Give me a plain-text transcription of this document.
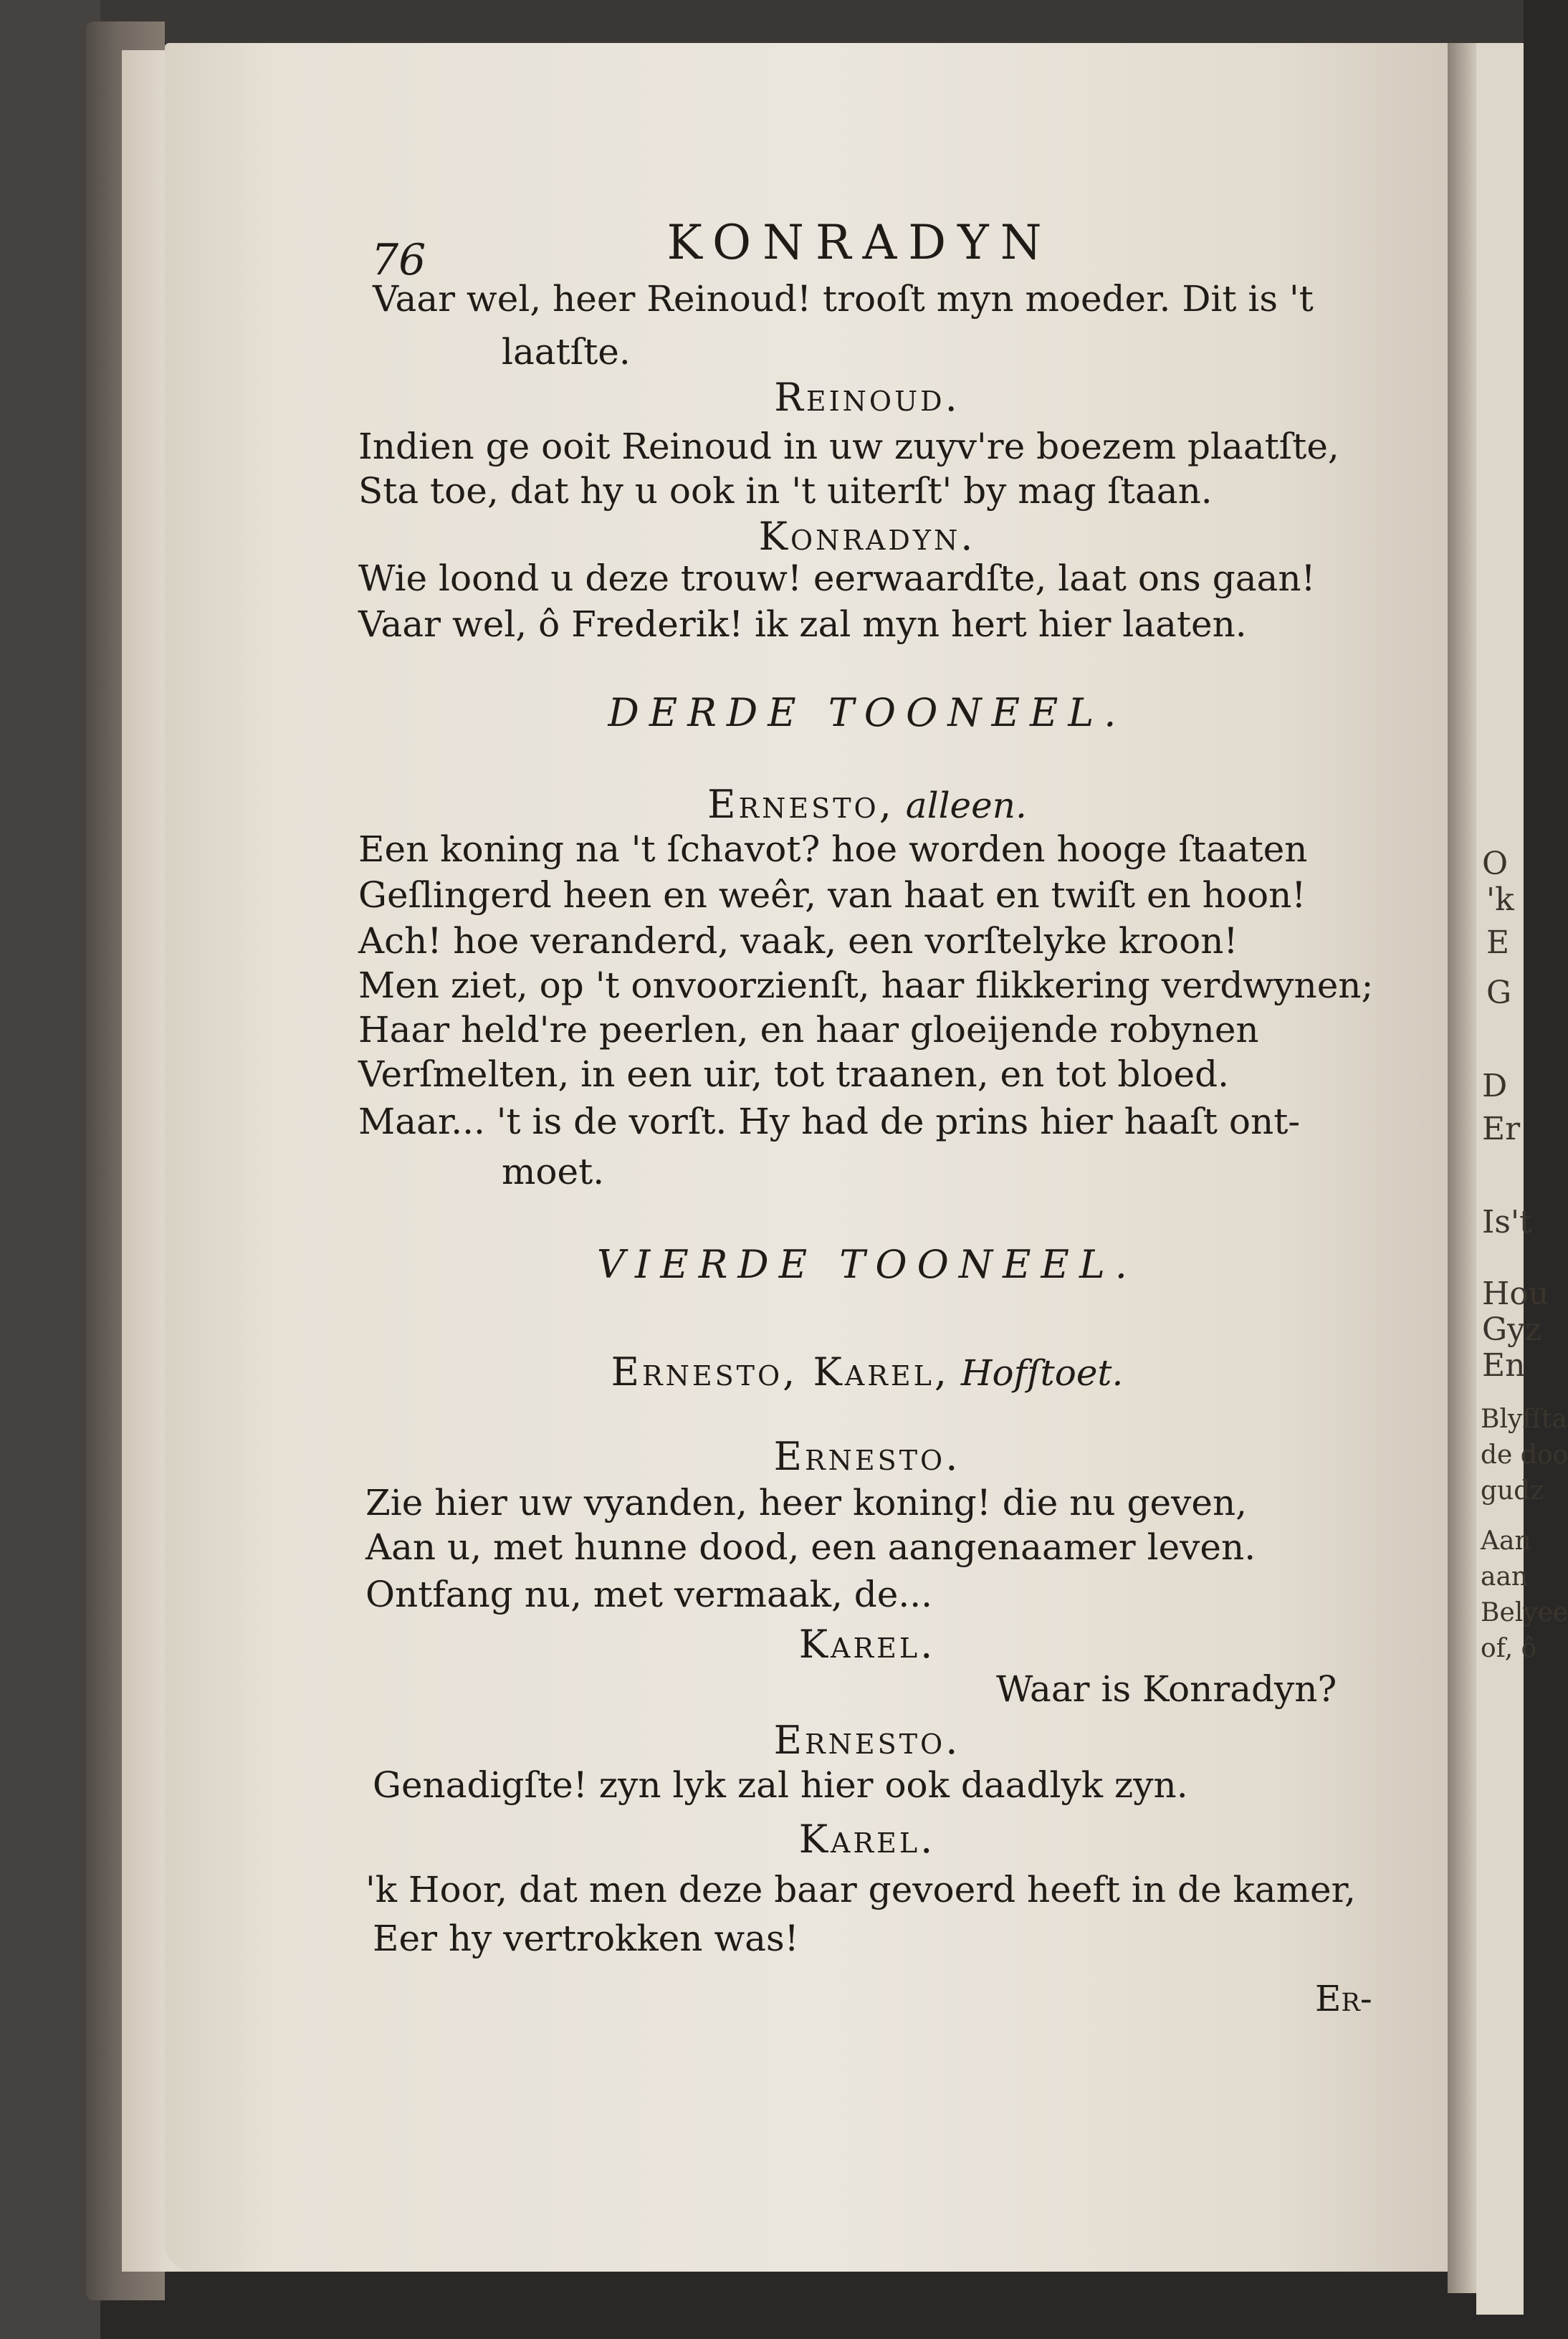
O
'k
E
G
D
Er
Is't
Hou
Gyz
En
Blyfſta
de doo
gudz
Aan
aan
Belyee
of, ô
76	KONRADYN
Vaar wel, heer Reinoud! trooſt myn moeder. Dit is 't
laatſte.
Reinoud.
Indien ge ooit Reinoud in uw zuyv're boezem plaatſte,
Sta toe, dat hy u ook in 't uiterſt' by mag ſtaan.
Konradyn.
Wie loond u deze trouw! eerwaardſte, laat ons gaan!
Vaar wel, ô Frederik! ik zal myn hert hier laaten.
DERDE TOONEEL.
Ernesto, alleen.
Een koning na 't ſchavot? hoe worden hooge ſtaaten
Geſlingerd heen en weêr, van haat en twiſt en hoon!
Ach! hoe veranderd, vaak, een vorſtelyke kroon!
Men ziet, op 't onvoorzienſt, haar flikkering verdwynen;
Haar held're peerlen, en haar gloeijende robynen
Verſmelten, in een uir, tot traanen, en tot bloed.
Maar... 't is de vorſt. Hy had de prins hier haaſt ont-
moet.
VIERDE TOONEEL.
Ernesto, Karel, Hofſtoet.
Ernesto.
Zie hier uw vyanden, heer koning! die nu geven,
Aan u, met hunne dood, een aangenaamer leven.
Ontfang nu, met vermaak, de...
Karel.
Waar is Konradyn?
Ernesto.
Genadigſte! zyn lyk zal hier ook daadlyk zyn.
Karel.
'k Hoor, dat men deze baar gevoerd heeft in de kamer,
Eer hy vertrokken was!
Er-
